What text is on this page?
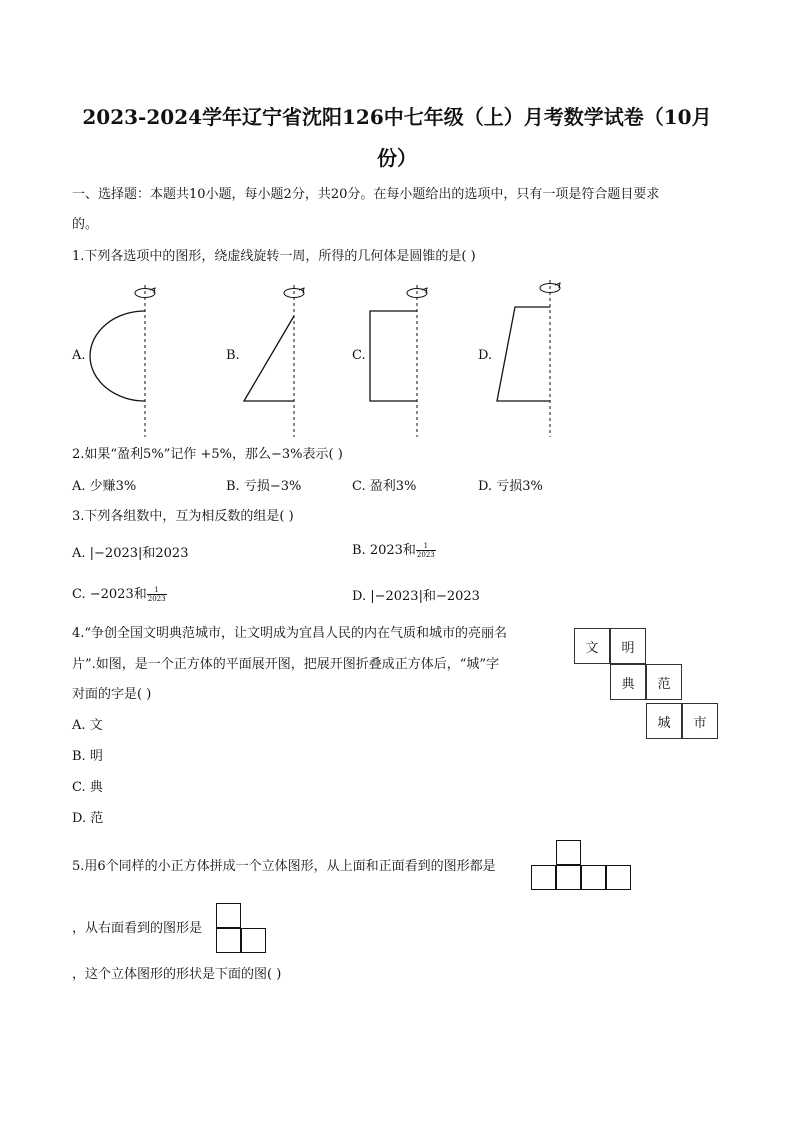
2023-2024学年辽宁省沈阳126中七年级（上）月考数学试卷（10月
份）
一、选择题：本题共10小题，每小题2分，共20分。在每小题给出的选项中，只有一项是符合题目要求
的。
1.下列各选项中的图形，绕虚线旋转一周，所得的几何体是圆锥的是( )
A.	B.	C.	D.
2.如果“盈利5%”记作 +5%，那么−3%表示( )
A. 少赚3%	B. 亏损−3%	C. 盈利3%	D. 亏损3%
3.下列各组数中，互为相反数的组是( )
A. |−2023|和2023	B. 2023和 $\frac{1}{2023}$
C. −2023和 $\frac{1}{2023}$	D. |−2023|和−2023
4.“争创全国文明典范城市，让文明成为宜昌人民的内在气质和城市的亮丽名
片”.如图，是一个正方体的平面展开图，把展开图折叠成正方体后，“城”字
对面的字是( )
A. 文
B. 明
C. 典
D. 范
文	明
典	范
城	市
5.用6个同样的小正方体拼成一个立体图形，从上面和正面看到的图形都是
，从右面看到的图形是
，这个立体图形的形状是下面的图( )
